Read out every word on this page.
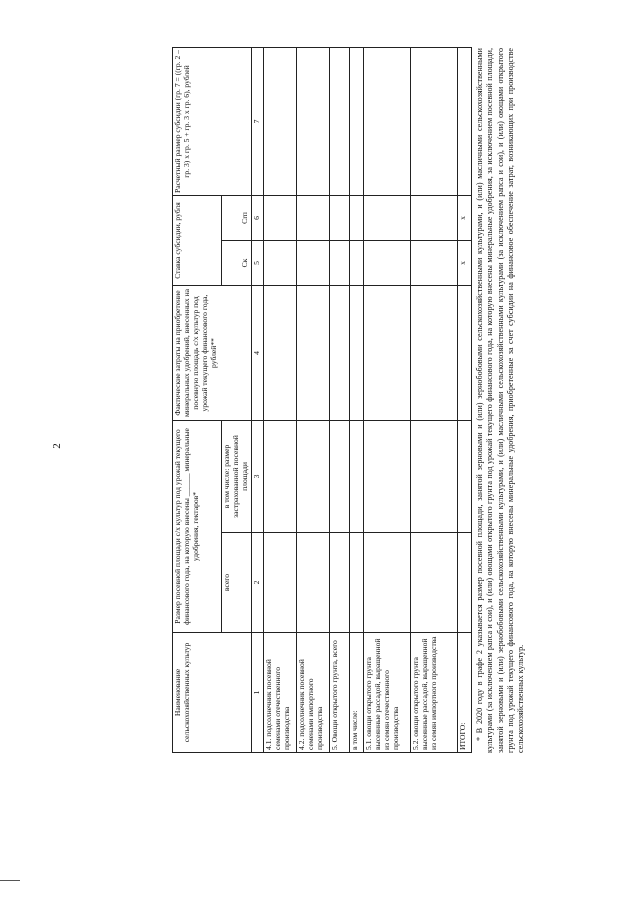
2
Наименование сельскохозяйственных культур	Размер посевной площади с/х культур под урожай текущего финансового года, на которую внесены ______ минеральные удобрения, гектаров*		Фактические затраты на приобретение минеральных удобрений, внесенных на посевную площадь с/х культур под урожай текущего финансового года, рублей**	Ставка субсидии, рубля		Расчетный размер субсидии (гр. 7 = ((гр. 2 – гр. 3) х гр. 5 + гр. 3 х гр. 6), рублей
	всего	в том числе: размер застрахованной посевной площади		Ск	Сrп	
1	2	3	4	5	6	7
4.1. подсолнечник посевной семенами отечественного производства						
4.2. подсолнечник посевной семенами импортного производства						
5. Овощи открытого грунта, всего						
в том числе:						
5.1. овощи открытого грунта высеянные рассадой, выращенной из семян отечественного производства						
5.2. овощи открытого грунта высеянные рассадой, выращенной из семян импортного производства						
ИТОГО:				х	х	* В 2020 году в графе 2 указывается размер посевной площади, занятой зерновыми и (или) зернобобовыми сельскохозяйственными культурами, и (или) масличными сельскохозяйственными культурами (за исключением рапса и сои), и (или) овощами открытого грунта под урожай текущего финансового года, на которую внесены минеральные удобрения, за исключением посевной площади, занятой зерновыми и (или) зернобобовыми сельскохозяйственными культурами, и (или) масличными сельскохозяйственными культурами (за исключением рапса и сои), и (или) овощами открытого грунта под урожай текущего финансового года, на которую внесены минеральные удобрения, приобретенные за счет субсидии на финансовое обеспечение затрат, возникающих при производстве сельскохозяйственных культур.
